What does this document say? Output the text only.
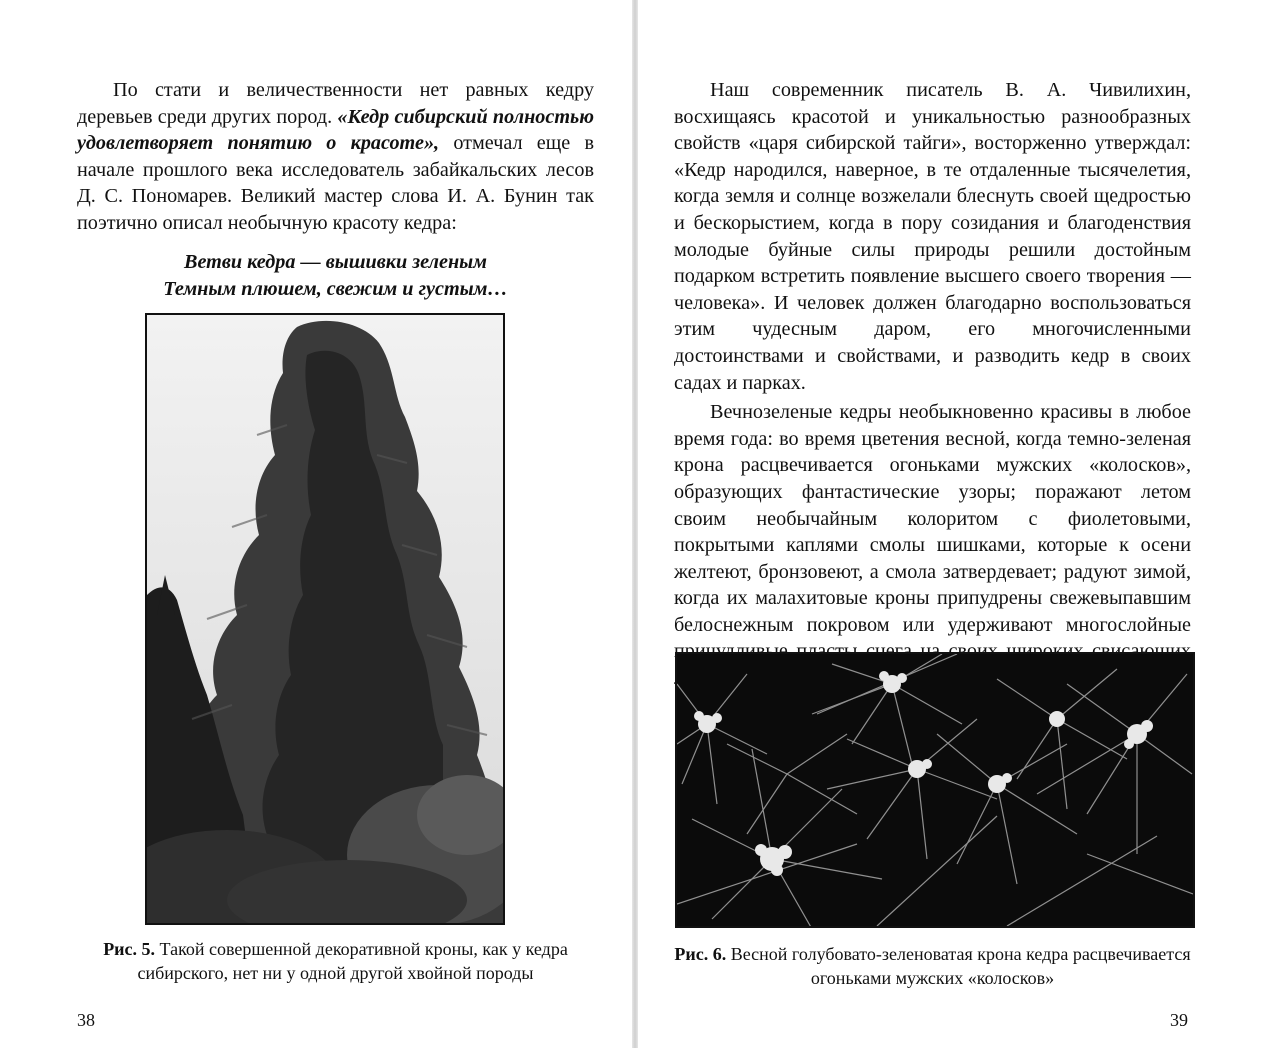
По стати и величественности нет равных кедру деревьев среди других пород. «Кедр сибирский полностью удовлетворяет понятию о красоте», отмечал еще в начале прошлого века исследователь забайкальских лесов Д. С. Пономарев. Великий мастер слова И. А. Бунин так поэтично описал необычную красоту кедра:

Ветви кедра — вышивки зеленым
Темным плюшем, свежим и густым…
Рис. 5. Такой совершенной декоративной кроны, как у кедра сибирского, нет ни у одной другой хвойной породы
38

Наш современник писатель В. А. Чивилихин, восхищаясь красотой и уникальностью разнообразных свойств «царя сибирской тайги», восторженно утверждал: «Кедр народился, наверное, в те отдаленные тысячелетия, когда земля и солнце возжелали блеснуть своей щедростью и бескорыстием, когда в пору созидания и благоденствия молодые буйные силы природы решили достойным подарком встретить появление высшего своего творения — человека». И человек должен благодарно воспользоваться этим чудесным даром, его многочисленными достоинствами и свойствами, и разводить кедр в своих садах и парках.

Вечнозеленые кедры необыкновенно красивы в любое время года: во время цветения весной, когда темно-зеленая крона расцвечивается огоньками мужских «колосков», образующих фантастические узоры; поражают летом своим необычайным колоритом с фиолетовыми, покрытыми каплями смолы шишками, которые к осени желтеют, бронзовеют, а смола затвердевает; радуют зимой, когда их малахитовые кроны припудрены свежевыпавшим белоснежным покровом или удерживают многослойные

Рис. 6. Весной голубовато-зеленоватая крона кедра расцвечивается огоньками мужских «колосков»
39
